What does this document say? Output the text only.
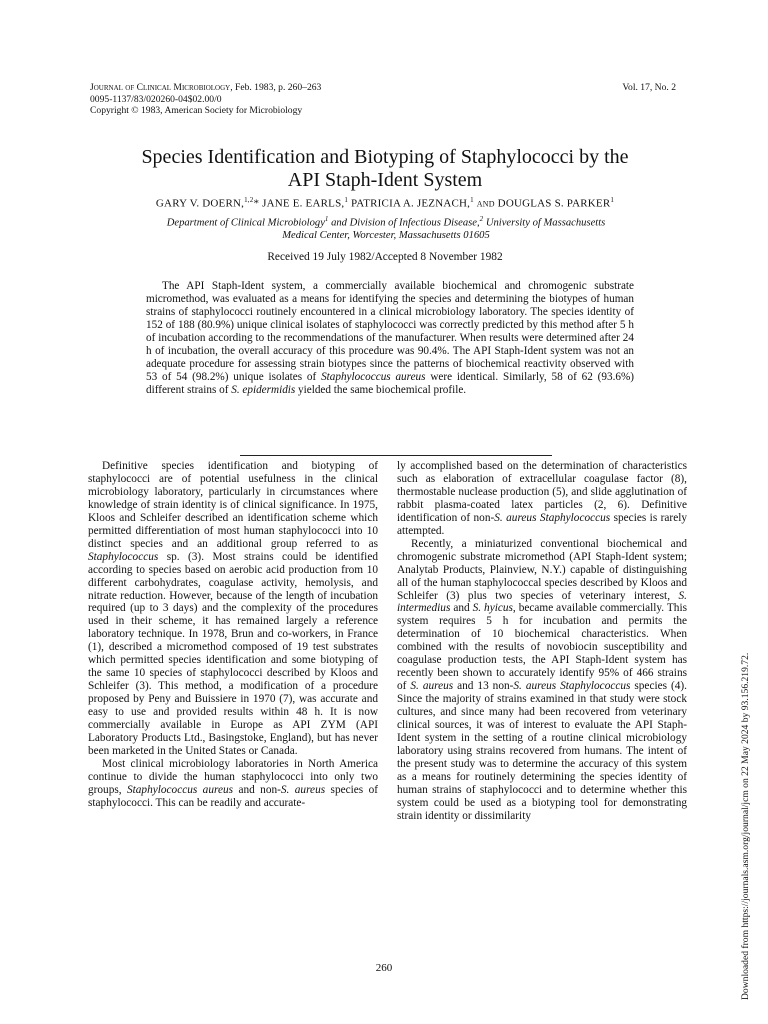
Journal of Clinical Microbiology, Feb. 1983, p. 260–263
0095-1137/83/020260-04$02.00/0
Copyright © 1983, American Society for Microbiology
Vol. 17, No. 2
Species Identification and Biotyping of Staphylococci by the
API Staph-Ident System
GARY V. DOERN,$^{1,2}$* JANE E. EARLS,$^1$ PATRICIA A. JEZNACH,$^1$ and DOUGLAS S. PARKER$^1$
Department of Clinical Microbiology$^1$ and Division of Infectious Disease,$^2$ University of Massachusetts
Medical Center, Worcester, Massachusetts 01605
Received 19 July 1982/Accepted 8 November 1982

The API Staph-Ident system, a commercially available biochemical and chromogenic substrate micromethod, was evaluated as a means for identifying the species and determining the biotypes of human strains of staphylococci routinely encountered in a clinical microbiology laboratory. The species identity of 152 of 188 (80.9%) unique clinical isolates of staphylococci was correctly predicted by this method after 5 h of incubation according to the recommendations of the manufacturer. When results were determined after 24 h of incubation, the overall accuracy of this procedure was 90.4%. The API Staph-Ident system was not an adequate procedure for assessing strain biotypes since the patterns of biochemical reactivity observed with 53 of 54 (98.2%) unique isolates of Staphylococcus aureus were identical. Similarly, 58 of 62 (93.6%) different strains of S. epidermidis yielded the same biochemical profile.

Definitive species identification and biotyping of staphylococci are of potential usefulness in the clinical microbiology laboratory, particularly in circumstances where knowledge of strain identity is of clinical significance. In 1975, Kloos and Schleifer described an identification scheme which permitted differentiation of most human staphylococci into 10 distinct species and an additional group referred to as Staphylococcus sp. (3). Most strains could be identified according to species based on aerobic acid production from 10 different carbohydrates, coagulase activity, hemolysis, and nitrate reduction. However, because of the length of incubation required (up to 3 days) and the complexity of the procedures used in their scheme, it has remained largely a reference laboratory technique. In 1978, Brun and co-workers, in France (1), described a micromethod composed of 19 test substrates which permitted species identification and some biotyping of the same 10 species of staphylococci described by Kloos and Schleifer (3). This method, a modification of a procedure proposed by Peny and Buissiere in 1970 (7), was accurate and easy to use and provided results within 48 h. It is now commercially available in Europe as API ZYM (API Laboratory Products Ltd., Basingstoke, England), but has never been marketed in the United States or Canada.

Most clinical microbiology laboratories in North America continue to divide the human staphylococci into only two groups, Staphylococcus aureus and non-S. aureus species of staphylococci. This can be readily and accurate-

ly accomplished based on the determination of characteristics such as elaboration of extracellular coagulase factor (8), thermostable nuclease production (5), and slide agglutination of rabbit plasma-coated latex particles (2, 6). Definitive identification of non-S. aureus Staphylococcus species is rarely attempted.

Recently, a miniaturized conventional biochemical and chromogenic substrate micromethod (API Staph-Ident system; Analytab Products, Plainview, N.Y.) capable of distinguishing all of the human staphylococcal species described by Kloos and Schleifer (3) plus two species of veterinary interest, S. intermedius and S. hyicus, became available commercially. This system requires 5 h for incubation and permits the determination of 10 biochemical characteristics. When combined with the results of novobiocin susceptibility and coagulase production tests, the API Staph-Ident system has recently been shown to accurately identify 95% of 466 strains of S. aureus and 13 non-S. aureus Staphylococcus species (4). Since the majority of strains examined in that study were stock cultures, and since many had been recovered from veterinary clinical sources, it was of interest to evaluate the API Staph-Ident system in the setting of a routine clinical microbiology laboratory using strains recovered from humans. The intent of the present study was to determine the accuracy of this system as a means for routinely determining the species identity of human strains of staphylococci and to determine whether this system could be used as a biotyping tool for demonstrating strain identity or dissimilarity

260	Downloaded from https://journals.asm.org/journal/jcm on 22 May 2024 by 93.156.219.72.
